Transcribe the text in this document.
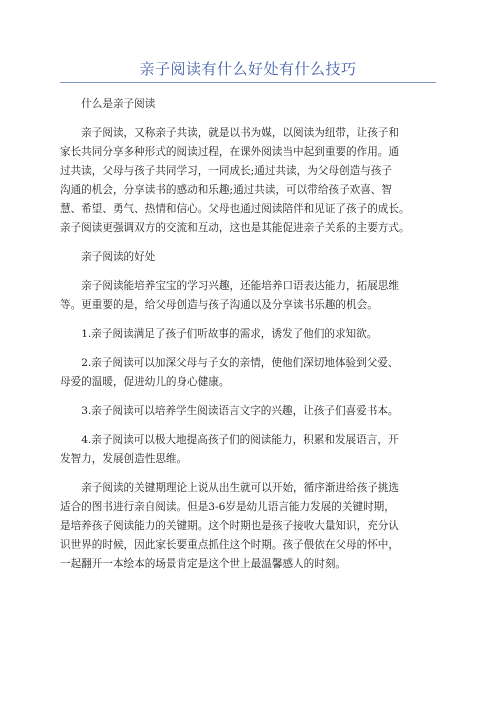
亲子阅读有什么好处有什么技巧
什么是亲子阅读
亲子阅读，又称亲子共读，就是以书为媒，以阅读为纽带，让孩子和
家长共同分享多种形式的阅读过程，在课外阅读当中起到重要的作用。通
过共读，父母与孩子共同学习，一同成长;通过共读，为父母创造与孩子
沟通的机会，分享读书的感动和乐趣;通过共读，可以带给孩子欢喜、智
慧、希望、勇气、热情和信心。父母也通过阅读陪伴和见证了孩子的成长。
亲子阅读更强调双方的交流和互动，这也是其能促进亲子关系的主要方式。
亲子阅读的好处
亲子阅读能培养宝宝的学习兴趣，还能培养口语表达能力，拓展思维
等。更重要的是，给父母创造与孩子沟通以及分享读书乐趣的机会。
1.亲子阅读满足了孩子们听故事的需求，诱发了他们的求知欲。
2.亲子阅读可以加深父母与子女的亲情，使他们深切地体验到父爱、
母爱的温暖，促进幼儿的身心健康。
3.亲子阅读可以培养学生阅读语言文字的兴趣，让孩子们喜爱书本。
4.亲子阅读可以极大地提高孩子们的阅读能力，积累和发展语言，开
发智力，发展创造性思维。
亲子阅读的关键期理论上说从出生就可以开始，循序渐进给孩子挑选
适合的图书进行亲自阅读。但是3-6岁是幼儿语言能力发展的关键时期，
是培养孩子阅读能力的关键期。这个时期也是孩子接收大量知识，充分认
识世界的时候，因此家长要重点抓住这个时期。孩子偎依在父母的怀中，
一起翻开一本绘本的场景肯定是这个世上最温馨感人的时刻。
